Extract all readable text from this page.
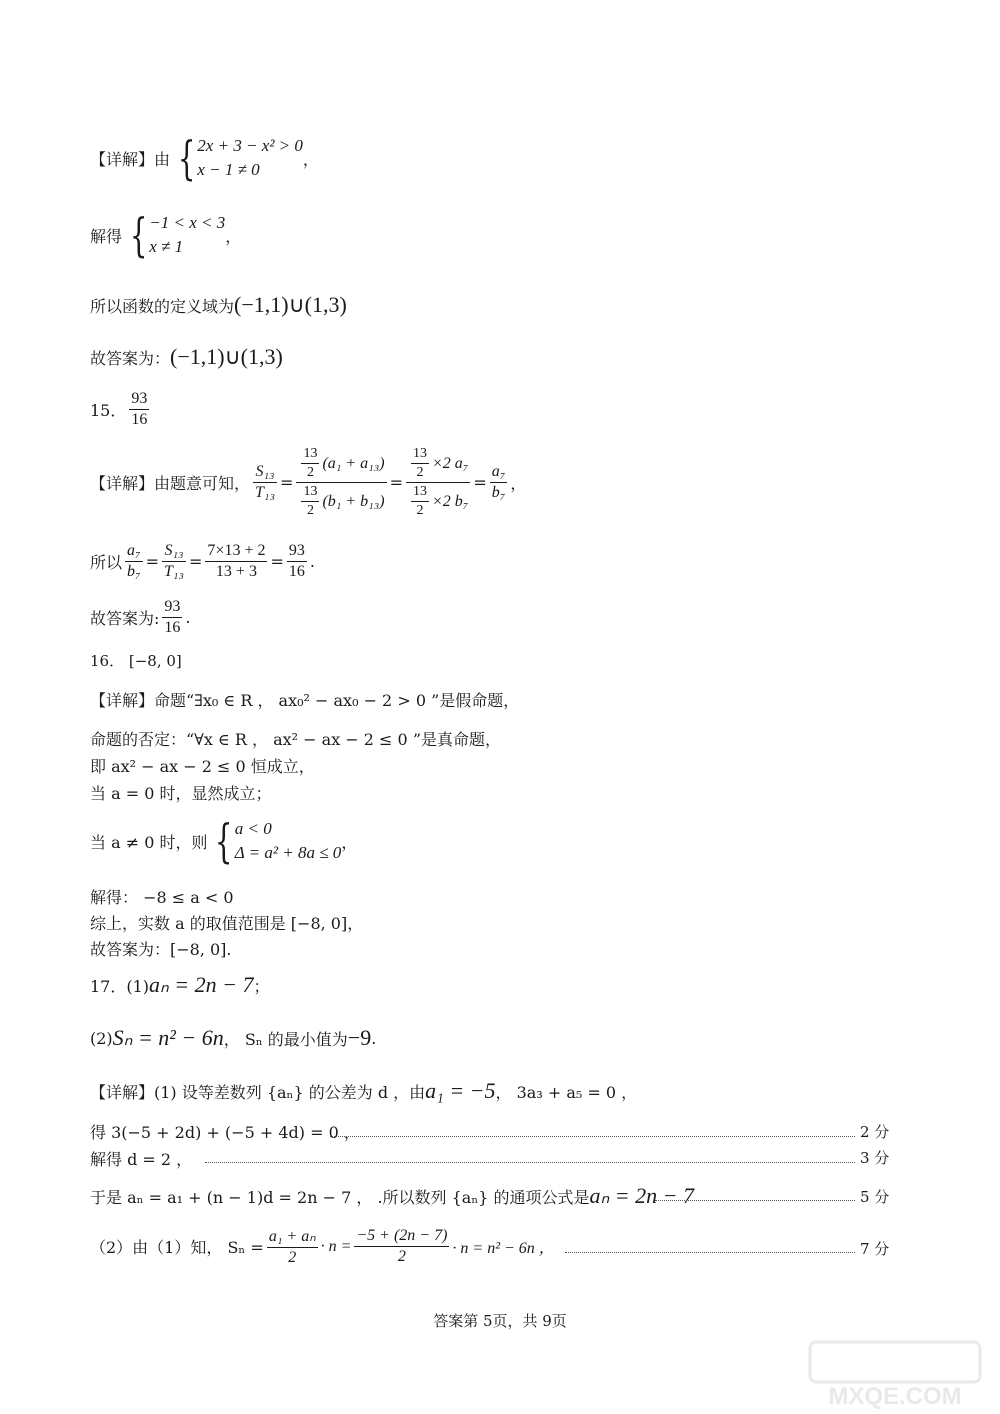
【详解】由 { 2x + 3 − x² > 0
x − 1 ≠ 0
，
解得 { −1 < x < 3
x ≠ 1
，
所以函数的定义域为 (−1,1)∪(1,3)
故答案为： (−1,1)∪(1,3)
15． $\frac{93}{16}$
【详解】由题意可知， $\frac{\text{S₁₃}}{\text{T₁₃}} = \frac{\frac{13}{2} (a_1 + a_{13})}{\frac{13}{2} (b_1 + b_{13})} = \frac{\frac{13}{2} \times 2 a_7}{\frac{13}{2} \times 2 b_7} = \frac{\text{a₇}}{\text{b₇}}$ ，
所以 $\frac{\text{a₇}}{\text{b₇}} = \frac{\text{S₁₃}}{\text{T₁₃}} = \frac{7\times 13 + 2}{13 + 3} = \frac{93}{16}$ .
故答案为: $\frac{93}{16}$ .
16． [−8, 0]
【详解】命题“∃x₀ ∈ R ， ax₀² − ax₀ − 2 > 0 ”是假命题，
命题的否定：“∀x ∈ R ， ax² − ax − 2 ≤ 0 ”是真命题，
即 ax² − ax − 2 ≤ 0 恒成立，
当 a = 0 时，显然成立；
当 a ≠ 0 时，则 { a < 0
Δ = a² + 8a ≤ 0
，
解得： −8 ≤ a < 0
综上，实数 a 的取值范围是 [−8, 0]，
故答案为：[−8, 0].
17．(1) aₙ = 2n − 7 ；
(2) Sₙ = n² − 6n ， Sₙ 的最小值为 −9 .
【详解】(1) 设等差数列 {aₙ} 的公差为 d ，由 a₁ = −5 ， 3a₃ + a₅ = 0 ，
得 3(−5 + 2d) + (−5 + 4d) = 0 ，	2 分
解得 d = 2 ，	3 分
于是 aₙ = a₁ + (n − 1)d = 2n − 7 ， .所以数列 {aₙ} 的通项公式是 aₙ = 2n − 7	5 分
（2）由（1）知， $S_n = \frac{\text{a₁ + aₙ}}{2} \cdot n = \frac{-5 + (2n - 7)}{2} \cdot n = n^2 - 6n$ ，	7 分
答案第 5页，共 9页
MXQE.COM
